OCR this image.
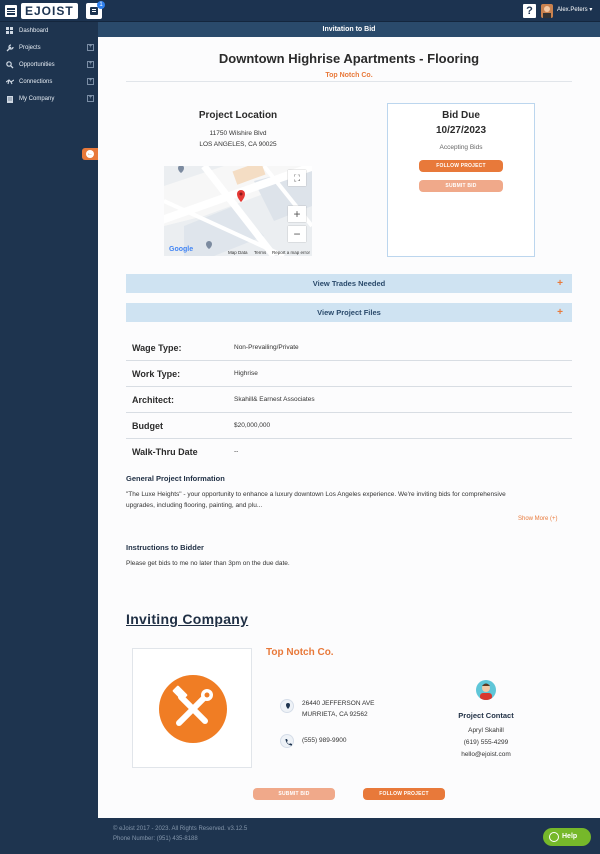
EJOIST	1	?	Alex.Peters ▾
Dashboard
Projects	+
Opportunities	+
Connections	+
My Company	+
←
Invitation to Bid
Downtown Highrise Apartments - Flooring
Top Notch Co.
Project Location
11750 Wilshire Blvd
LOS ANGELES, CA 90025
⛶
+
−
Google	Map Data Terms Report a map error
Bid Due
10/27/2023
Accepting Bids
FOLLOW PROJECT
SUBMIT BID
View Trades Needed	+
View Project Files	+
Wage Type:	Non-Prevailing/Private
Work Type:	Highrise
Architect:	Skahill& Earnest Associates
Budget	$20,000,000
Walk-Thru Date	--
General Project Information
"The Luxe Heights" - your opportunity to enhance a luxury downtown Los Angeles experience. We're inviting bids for comprehensive
upgrades, including flooring, painting, and plu...
Show More (+)
Instructions to Bidder
Please get bids to me no later than 3pm on the due date.
Inviting Company
Top Notch Co.
26440 JEFFERSON AVE
MURRIETA, CA 92562
(555) 989-9900
Project Contact
Apryl Skahill
(619) 555-4299
hello@ejoist.com
SUBMIT BID	FOLLOW PROJECT
© eJoist 2017 - 2023. All Rights Reserved. v3.12.5
Phone Number: (951) 435-8188	Help
